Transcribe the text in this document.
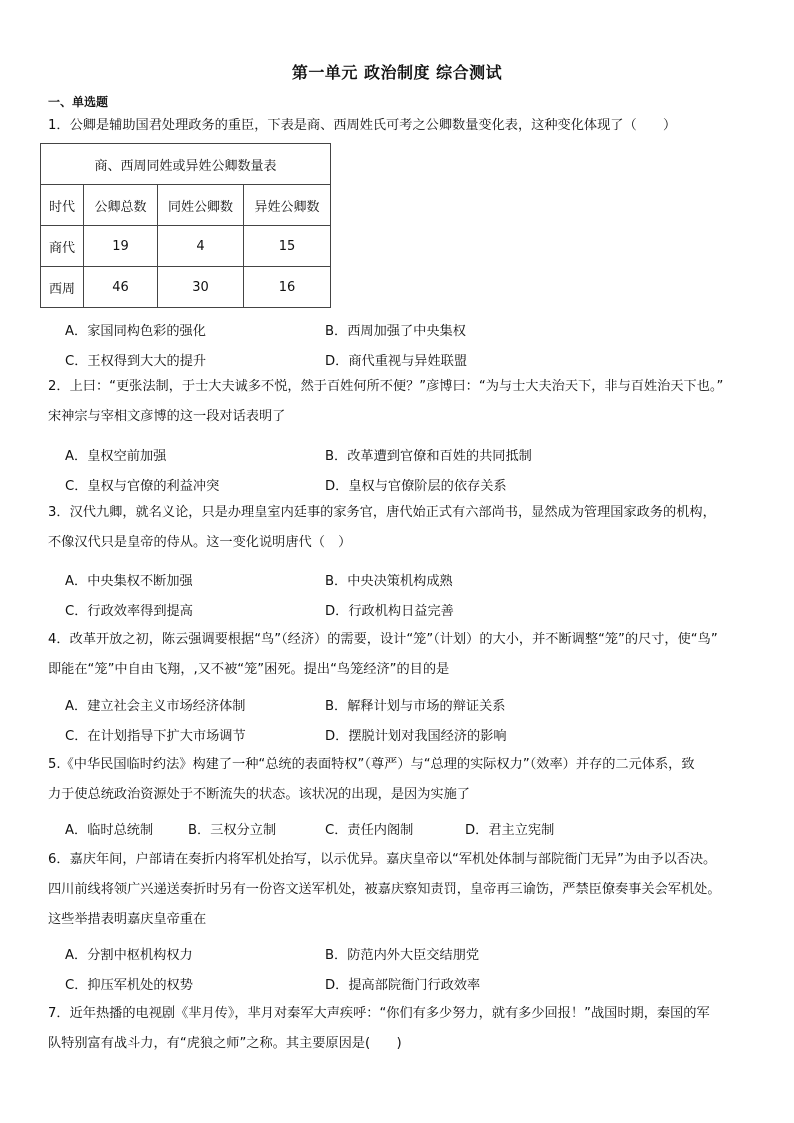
第一单元 政治制度 综合测试
一、单选题
1．公卿是辅助国君处理政务的重臣，下表是商、西周姓氏可考之公卿数量变化表，这种变化体现了（　　）
商、西周同姓或异姓公卿数量表			
时代	公卿总数	同姓公卿数	异姓公卿数
商代	19	4	15
西周	46	30	16
A．家国同构色彩的强化	B．西周加强了中央集权
C．王权得到大大的提升	D．商代重视与异姓联盟
2．上曰：“更张法制，于士大夫诚多不悦，然于百姓何所不便？”彦博曰：“为与士大夫治天下，非与百姓治天下也。”
宋神宗与宰相文彦博的这一段对话表明了
A．皇权空前加强	B．改革遭到官僚和百姓的共同抵制
C．皇权与官僚的利益冲突	D．皇权与官僚阶层的依存关系
3．汉代九卿，就名义论，只是办理皇室内廷事的家务官，唐代始正式有六部尚书，显然成为管理国家政务的机构，
不像汉代只是皇帝的侍从。这一变化说明唐代（　）
A．中央集权不断加强	B．中央决策机构成熟
C．行政效率得到提高	D．行政机构日益完善
4．改革开放之初，陈云强调要根据“鸟”（经济）的需要，设计“笼”（计划）的大小，并不断调整“笼”的尺寸，使“鸟”
即能在“笼”中自由飞翔，,又不被“笼”困死。提出“鸟笼经济”的目的是
A．建立社会主义市场经济体制	B．解释计划与市场的辩证关系
C．在计划指导下扩大市场调节	D．摆脱计划对我国经济的影响
5.《中华民国临时约法》构建了一种“总统的表面特权”（尊严）与“总理的实际权力”（效率）并存的二元体系，致
力于使总统政治资源处于不断流失的状态。该状况的出现，是因为实施了
A．临时总统制	B．三权分立制	C．责任内阁制	D．君主立宪制
6．嘉庆年间，户部请在奏折内将军机处抬写，以示优异。嘉庆皇帝以“军机处体制与部院衙门无异”为由予以否决。
四川前线将领广兴递送奏折时另有一份咨文送军机处，被嘉庆察知责罚，皇帝再三谕饬，严禁臣僚奏事关会军机处。
这些举措表明嘉庆皇帝重在
A．分割中枢机构权力	B．防范内外大臣交结朋党
C．抑压军机处的权势	D．提高部院衙门行政效率
7．近年热播的电视剧《芈月传》，芈月对秦军大声疾呼：“你们有多少努力，就有多少回报！”战国时期，秦国的军
队特别富有战斗力，有“虎狼之师”之称。其主要原因是(　　)
